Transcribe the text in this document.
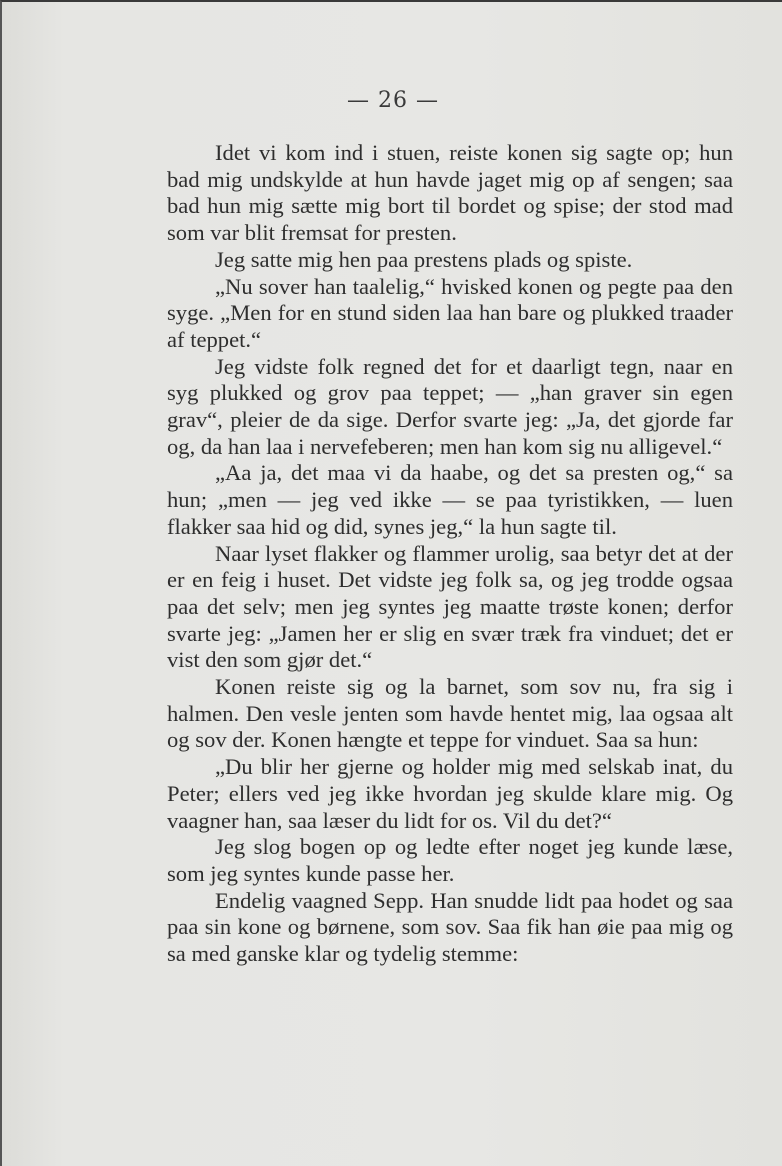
— 26 —

Idet vi kom ind i stuen, reiste konen sig sagte op; hun bad mig undskylde at hun havde jaget mig op af sengen; saa bad hun mig sætte mig bort til bordet og spise; der stod mad som var blit fremsat for presten.

Jeg satte mig hen paa prestens plads og spiste.

„Nu sover han taalelig,“ hvisked konen og pegte paa den syge. „Men for en stund siden laa han bare og plukked traader af teppet.“

Jeg vidste folk regned det for et daarligt tegn, naar en syg plukked og grov paa teppet; — „han graver sin egen grav“, pleier de da sige. Derfor svarte jeg: „Ja, det gjorde far og, da han laa i nervefeberen; men han kom sig nu alligevel.“

„Aa ja, det maa vi da haabe, og det sa presten og,“ sa hun; „men — jeg ved ikke — se paa tyristikken, — luen flakker saa hid og did, synes jeg,“ la hun sagte til.

Naar lyset flakker og flammer urolig, saa betyr det at der er en feig i huset. Det vidste jeg folk sa, og jeg trodde ogsaa paa det selv; men jeg syntes jeg maatte trøste konen; derfor svarte jeg: „Jamen her er slig en svær træk fra vinduet; det er vist den som gjør det.“

Konen reiste sig og la barnet, som sov nu, fra sig i halmen. Den vesle jenten som havde hentet mig, laa ogsaa alt og sov der. Konen hængte et teppe for vinduet. Saa sa hun:

„Du blir her gjerne og holder mig med selskab inat, du Peter; ellers ved jeg ikke hvordan jeg skulde klare mig. Og vaagner han, saa læser du lidt for os. Vil du det?“

Jeg slog bogen op og ledte efter noget jeg kunde læse, som jeg syntes kunde passe her.

Endelig vaagned Sepp. Han snudde lidt paa hodet og saa paa sin kone og børnene, som sov. Saa fik han øie paa mig og sa med ganske klar og tydelig stemme:
